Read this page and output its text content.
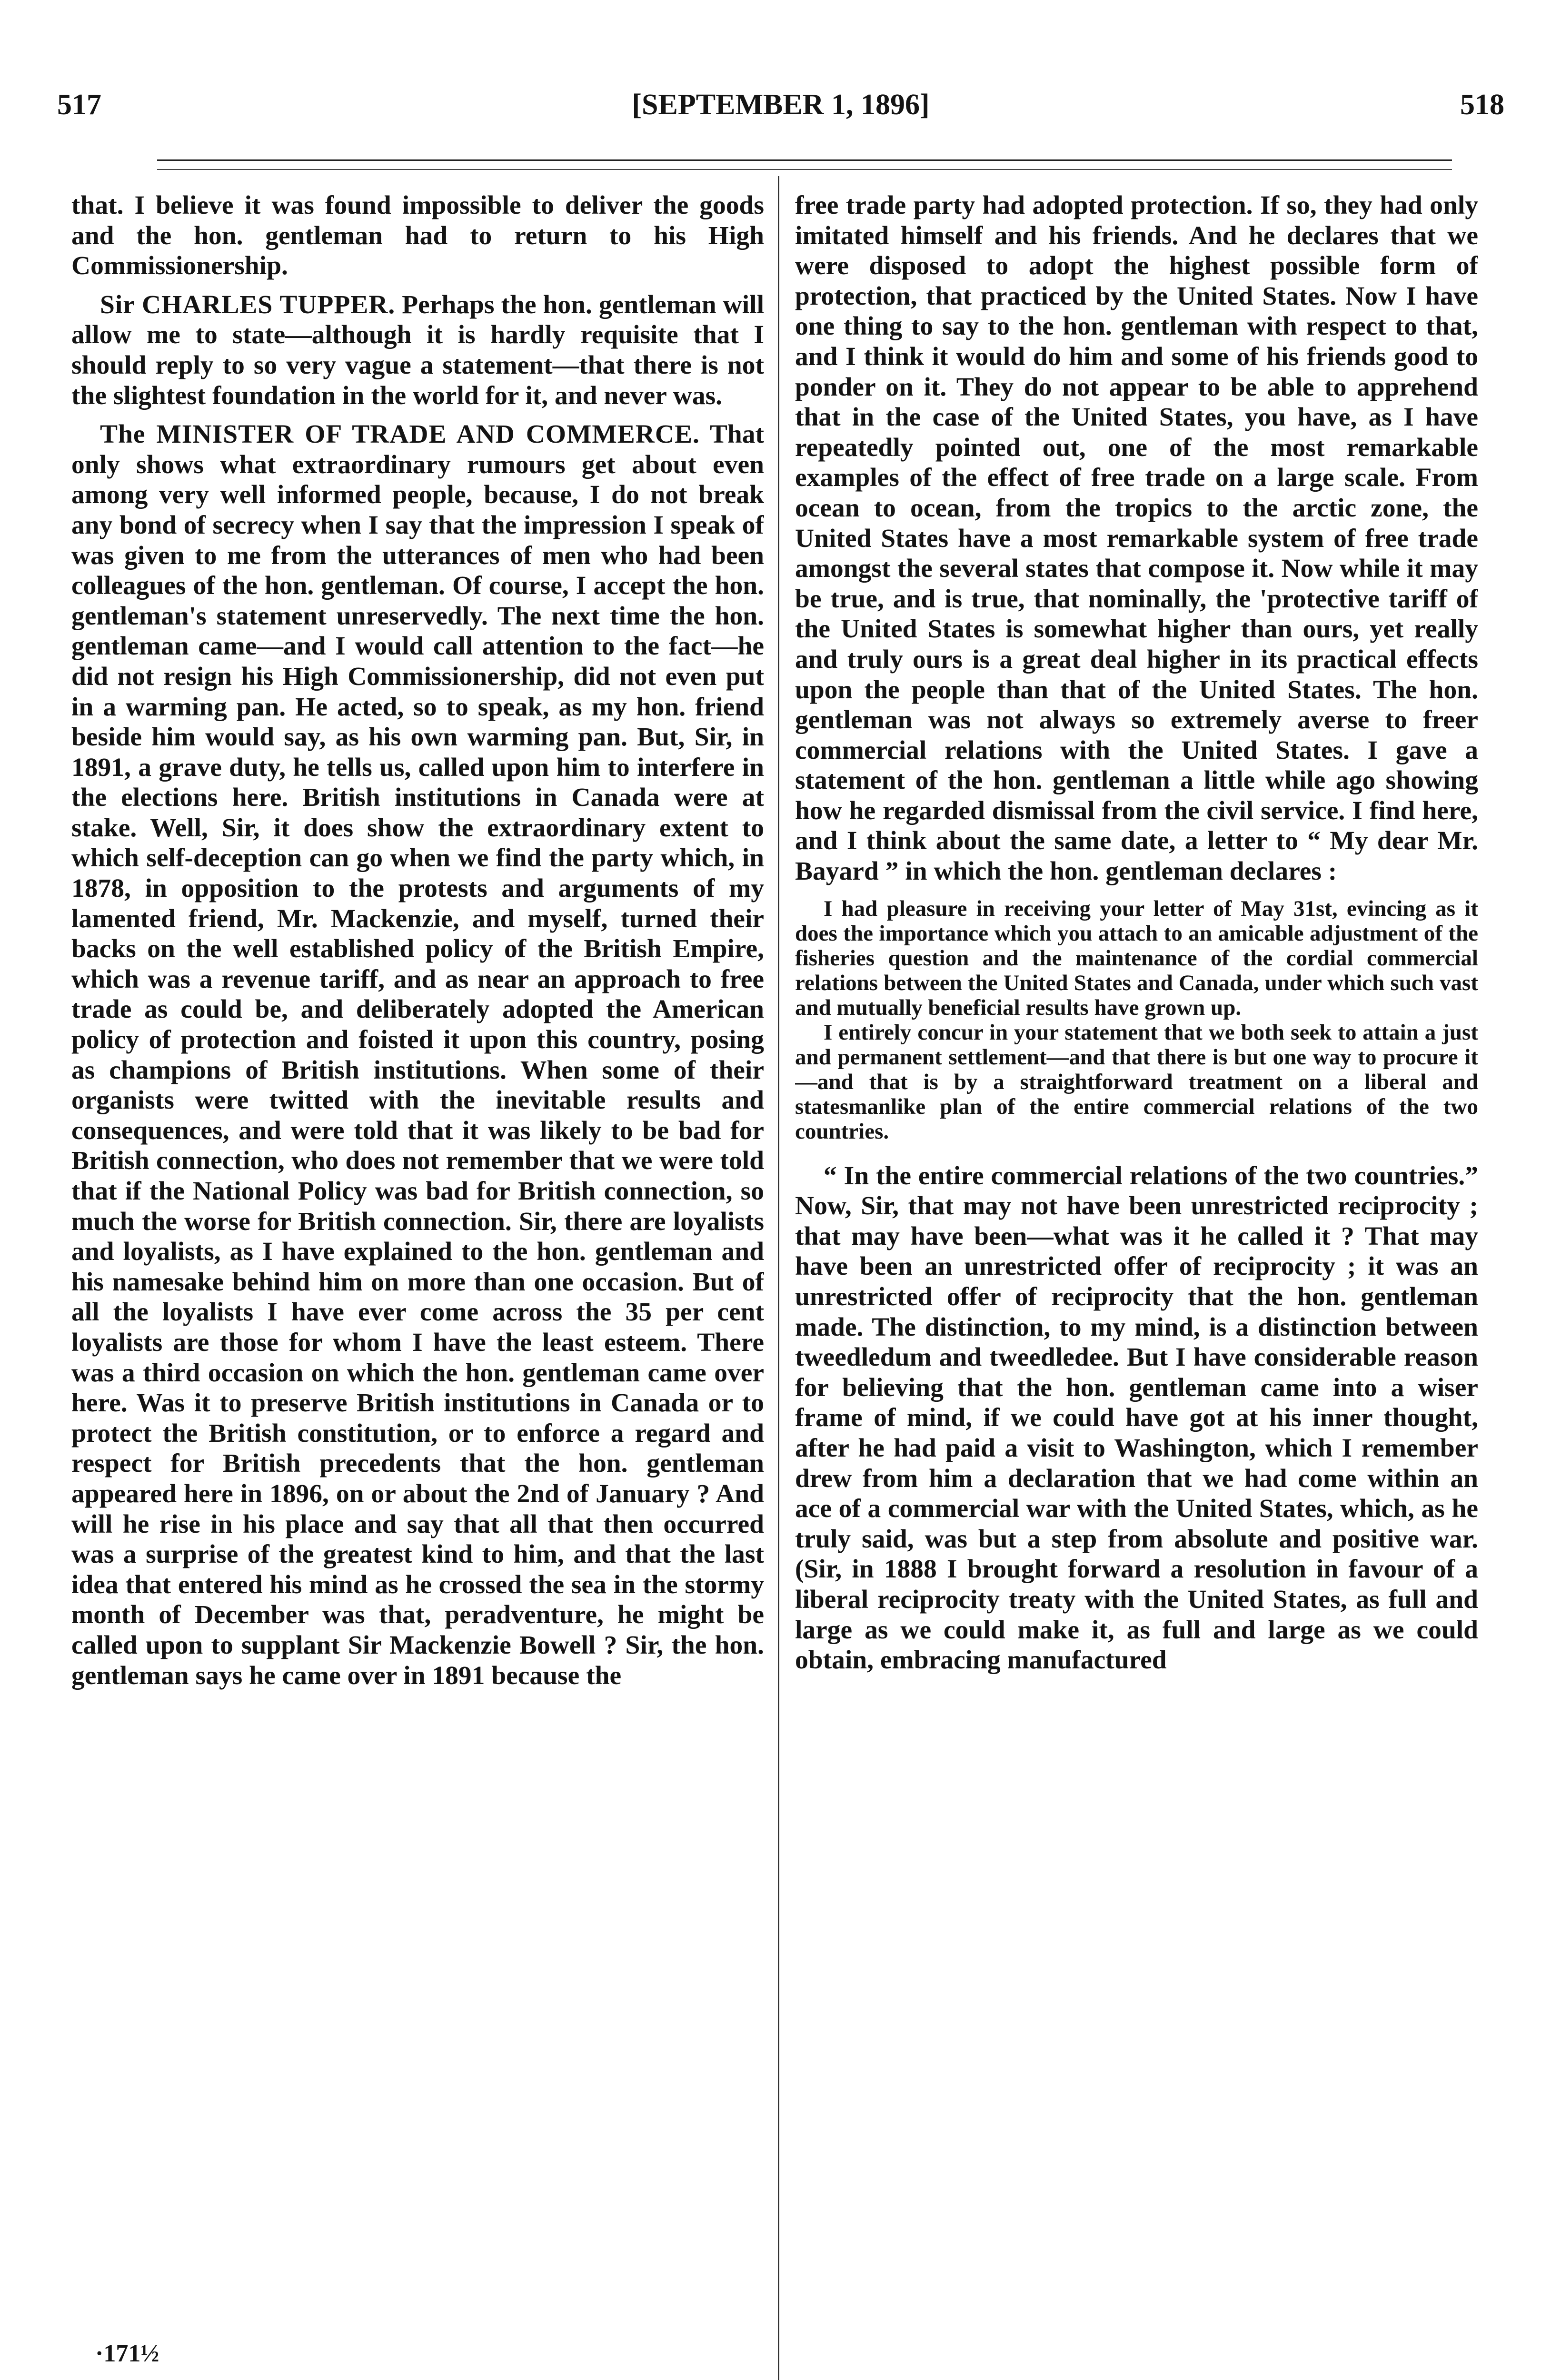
517	[SEPTEMBER 1, 1896]	518

that. I believe it was found impossible to deliver the goods and the hon. gentleman had to return to his High Commissionership.

Sir CHARLES TUPPER. Perhaps the hon. gentleman will allow me to state—although it is hardly requisite that I should reply to so very vague a statement—that there is not the slightest foundation in the world for it, and never was.

The MINISTER OF TRADE AND COMMERCE. That only shows what extraordinary rumours get about even among very well informed people, because, I do not break any bond of secrecy when I say that the impression I speak of was given to me from the utterances of men who had been colleagues of the hon. gentleman. Of course, I accept the hon. gentleman's statement unreservedly. The next time the hon. gentleman came—and I would call attention to the fact—he did not resign his High Commissionership, did not even put in a warming pan. He acted, so to speak, as my hon. friend beside him would say, as his own warming pan. But, Sir, in 1891, a grave duty, he tells us, called upon him to interfere in the elections here. British institutions in Canada were at stake. Well, Sir, it does show the extraordinary extent to which self-deception can go when we find the party which, in 1878, in opposition to the protests and arguments of my lamented friend, Mr. Mackenzie, and myself, turned their backs on the well established policy of the British Empire, which was a revenue tariff, and as near an approach to free trade as could be, and deliberately adopted the American policy of protection and foisted it upon this country, posing as champions of British institutions. When some of their organists were twitted with the inevitable results and consequences, and were told that it was likely to be bad for British connection, who does not remember that we were told that if the National Policy was bad for British connection, so much the worse for British connection. Sir, there are loyalists and loyalists, as I have explained to the hon. gentleman and his namesake behind him on more than one occasion. But of all the loyalists I have ever come across the 35 per cent loyalists are those for whom I have the least esteem. There was a third occasion on which the hon. gentleman came over here. Was it to preserve British institutions in Canada or to protect the British constitution, or to enforce a regard and respect for British precedents that the hon. gentleman appeared here in 1896, on or about the 2nd of January ? And will he rise in his place and say that all that then occurred was a surprise of the greatest kind to him, and that the last idea that entered his mind as he crossed the sea in the stormy month of December was that, peradventure, he might be called upon to supplant Sir Mackenzie Bowell ? Sir, the hon. gentleman says he came over in 1891 because the

free trade party had adopted protection. If so, they had only imitated himself and his friends. And he declares that we were disposed to adopt the highest possible form of protection, that practiced by the United States. Now I have one thing to say to the hon. gentleman with respect to that, and I think it would do him and some of his friends good to ponder on it. They do not appear to be able to apprehend that in the case of the United States, you have, as I have repeatedly pointed out, one of the most remarkable examples of the effect of free trade on a large scale. From ocean to ocean, from the tropics to the arctic zone, the United States have a most remarkable system of free trade amongst the several states that compose it. Now while it may be true, and is true, that nominally, the 'protective tariff of the United States is somewhat higher than ours, yet really and truly ours is a great deal higher in its practical effects upon the people than that of the United States. The hon. gentleman was not always so extremely averse to freer commercial relations with the United States. I gave a statement of the hon. gentleman a little while ago showing how he regarded dismissal from the civil service. I find here, and I think about the same date, a letter to “ My dear Mr. Bayard ” in which the hon. gentleman declares :

I had pleasure in receiving your letter of May 31st, evincing as it does the importance which you attach to an amicable adjustment of the fisheries question and the maintenance of the cordial commercial relations between the United States and Canada, under which such vast and mutually beneficial results have grown up.

I entirely concur in your statement that we both seek to attain a just and permanent settlement—and that there is but one way to procure it—and that is by a straightforward treatment on a liberal and statesmanlike plan of the entire commercial relations of the two countries.

“ In the entire commercial relations of the two countries.” Now, Sir, that may not have been unrestricted reciprocity ; that may have been—what was it he called it ? That may have been an unrestricted offer of reciprocity ; it was an unrestricted offer of reciprocity that the hon. gentleman made. The distinction, to my mind, is a distinction between tweedledum and tweedledee. But I have considerable reason for believing that the hon. gentleman came into a wiser frame of mind, if we could have got at his inner thought, after he had paid a visit to Washington, which I remember drew from him a declaration that we had come within an ace of a commercial war with the United States, which, as he truly said, was but a step from absolute and positive war. (Sir, in 1888 I brought forward a resolution in favour of a liberal reciprocity treaty with the United States, as full and large as we could make it, as full and large as we could obtain, embracing manufactured

·171½
